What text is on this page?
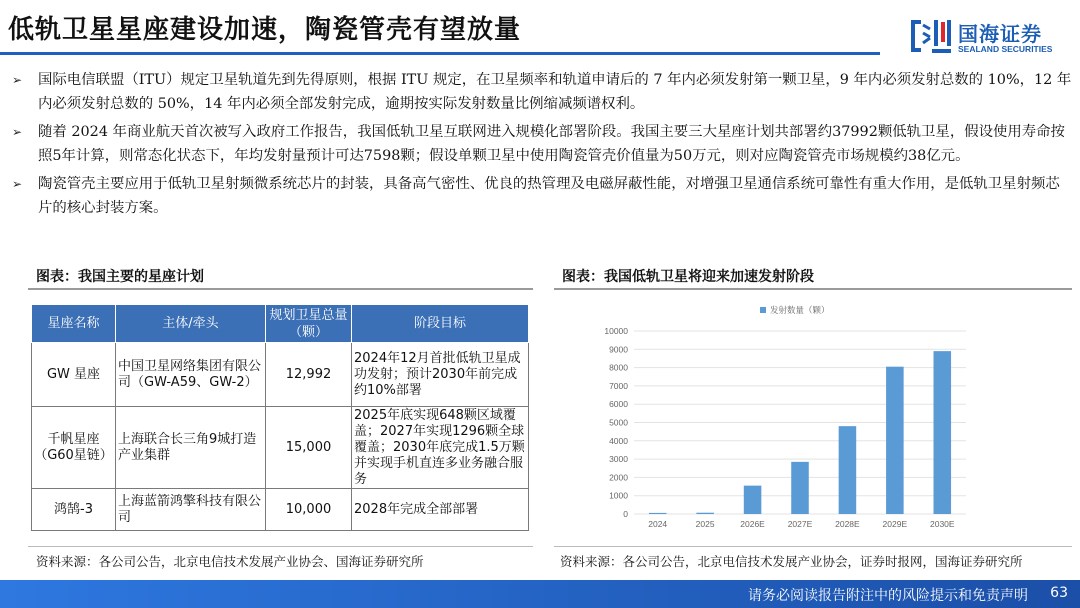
低轨卫星星座建设加速，陶瓷管壳有望放量	国海证券
SEALAND SECURITIES
➢ 国际电信联盟（ITU）规定卫星轨道先到先得原则，根据 ITU 规定，在卫星频率和轨道申请后的 7 年内必须发射第一颗卫星，9 年内必须发射总数的 10%，12 年内必须发射总数的 50%，14 年内必须全部发射完成，逾期按实际发射数量比例缩减频谱权利。
➢ 随着 2024 年商业航天首次被写入政府工作报告，我国低轨卫星互联网进入规模化部署阶段。我国主要三大星座计划共部署约37992颗低轨卫星，假设使用寿命按照5年计算，则常态化状态下，年均发射量预计可达7598颗；假设单颗卫星中使用陶瓷管壳价值量为50万元，则对应陶瓷管壳市场规模约38亿元。
➢ 陶瓷管壳主要应用于低轨卫星射频微系统芯片的封装，具备高气密性、优良的热管理及电磁屏蔽性能，对增强卫星通信系统可靠性有重大作用，是低轨卫星射频芯片的核心封装方案。
图表：我国主要的星座计划	图表：我国低轨卫星将迎来加速发射阶段
星座名称	主体/牵头	规划卫星总量（颗）	阶段目标
GW 星座	中国卫星网络集团有限公司（GW-A59、GW-2）	12,992	2024年12月首批低轨卫星成功发射；预计2030年前完成约10%部署
千帆星座（G60星链）	上海联合长三角9城打造产业集群	15,000	2025年底实现648颗区域覆盖；2027年实现1296颗全球覆盖；2030年底完成1.5万颗并实现手机直连多业务融合服务
鸿鹄-3	上海蓝箭鸿擎科技有限公司	10,000	2028年完成全部部署	0
1000
2000
3000
4000
5000
6000
7000
8000
9000
10000
2024	2025	2026E	2027E	2028E	2029E	2030E
发射数量（颗）
资料来源：各公司公告，北京电信技术发展产业协会、国海证券研究所	资料来源：各公司公告，北京电信技术发展产业协会，证券时报网，国海证券研究所
请务必阅读报告附注中的风险提示和免责声明 63
